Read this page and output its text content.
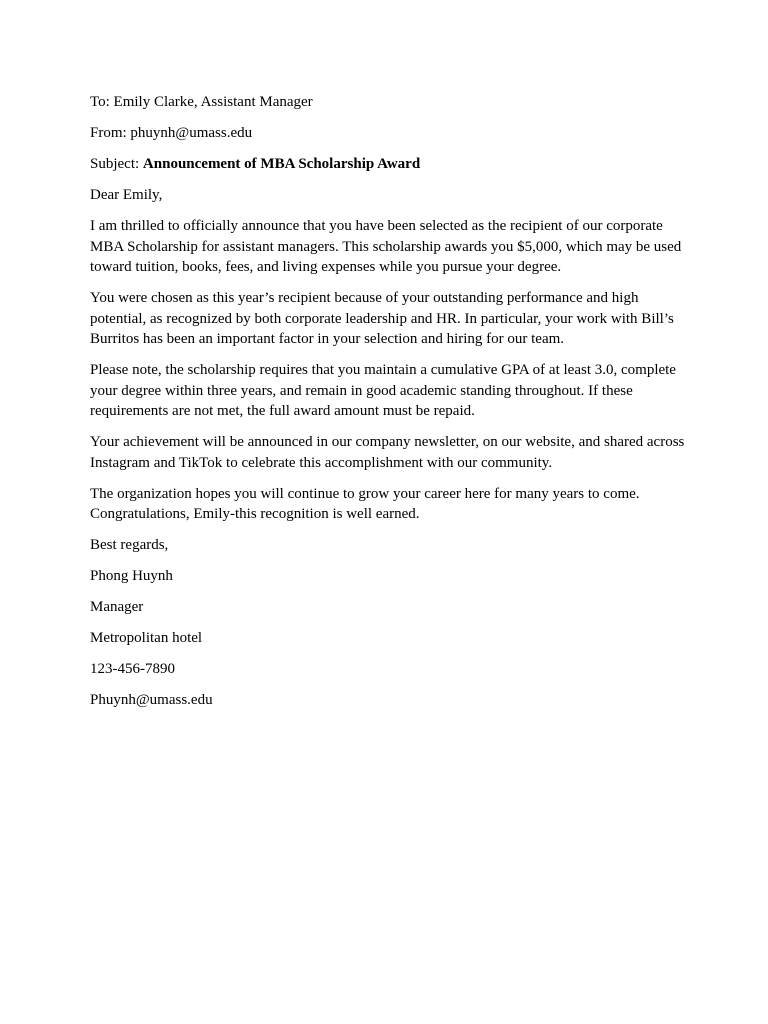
To: Emily Clarke, Assistant Manager

From: phuynh@umass.edu

Subject: Announcement of MBA Scholarship Award

Dear Emily,

I am thrilled to officially announce that you have been selected as the recipient of our corporate MBA Scholarship for assistant managers. This scholarship awards you $5,000, which may be used toward tuition, books, fees, and living expenses while you pursue your degree.

You were chosen as this year’s recipient because of your outstanding performance and high potential, as recognized by both corporate leadership and HR. In particular, your work with Bill’s Burritos has been an important factor in your selection and hiring for our team.

Please note, the scholarship requires that you maintain a cumulative GPA of at least 3.0, complete your degree within three years, and remain in good academic standing throughout. If these requirements are not met, the full award amount must be repaid.

Your achievement will be announced in our company newsletter, on our website, and shared across Instagram and TikTok to celebrate this accomplishment with our community.

The organization hopes you will continue to grow your career here for many years to come. Congratulations, Emily-this recognition is well earned.

Best regards,

Phong Huynh

Manager

Metropolitan hotel

123-456-7890

Phuynh@umass.edu
